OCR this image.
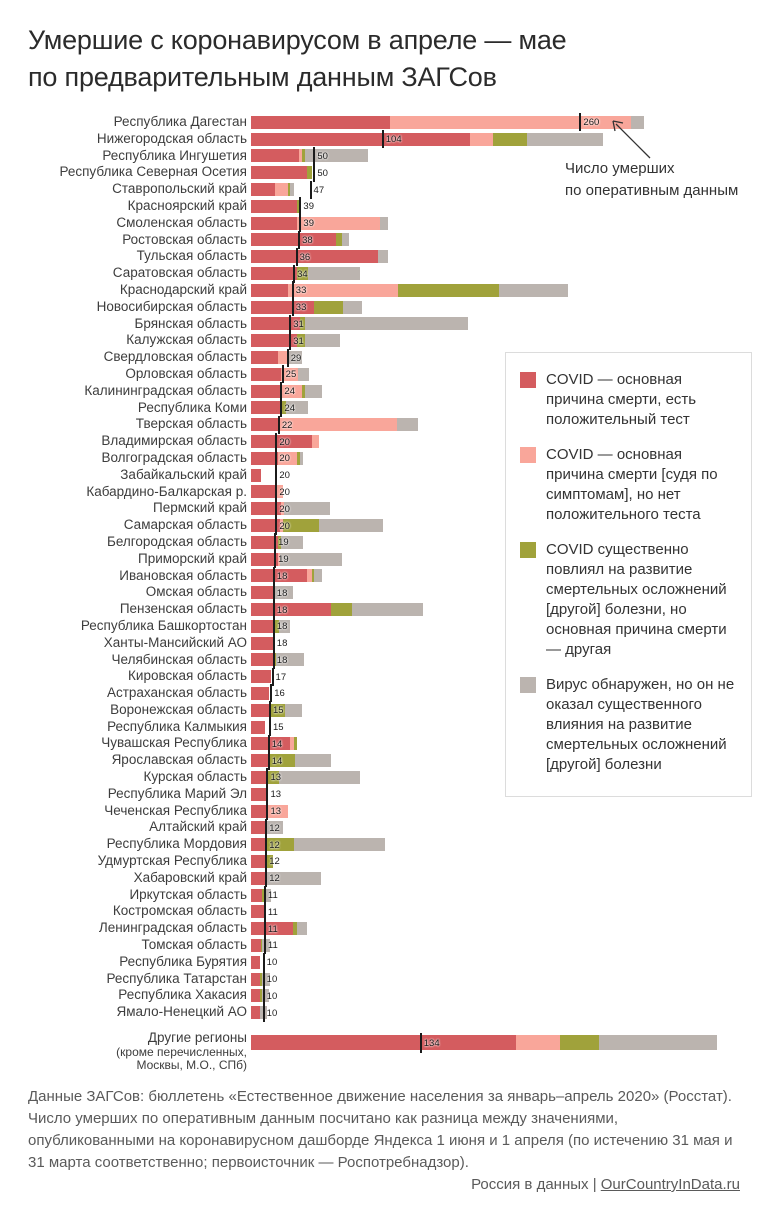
Умершие с коронавирусом в апреле — мае
по предварительным данным ЗАГСов
Республика Дагестан	260
Нижегородская область	104
Республика Ингушетия	50
Республика Северная Осетия	50
Ставропольский край	47
Красноярский край	39
Смоленская область	39
Ростовская область	38
Тульская область	36
Саратовская область	34
Краснодарский край	33
Новосибирская область	33
Брянская область	31
Калужская область	31
Свердловская область	29
Орловская область	25
Калининградская область	24
Республика Коми	24
Тверская область	22
Владимирская область	20
Волгоградская область	20
Забайкальский край	20
Кабардино-Балкарская р.	20
Пермский край	20
Самарская область	20
Белгородская область	19
Приморский край	19
Ивановская область	18
Омская область	18
Пензенская область	18
Республика Башкортостан	18
Ханты-Мансийский АО	18
Челябинская область	18
Кировская область	17
Астраханская область	16
Воронежская область	15
Республика Калмыкия	15
Чувашская Республика	14
Ярославская область	14
Курская область 13
Республика Марий Эл 13
Чеченская Республика 13
Алтайский край 12
Республика Мордовия 12
Удмуртская Республика 12
Хабаровский край 12
Иркутская область 11
Костромская область 11
Ленинградская область 11
Томская область 11
Республика Бурятия 10
Республика Татарстан 10
Республика Хакасия 10
Ямало-Ненецкий АО 10
Другие регионы
(кроме перечисленных,
Москвы, М.О., СПб)
134
Число умерших
по оперативным данным
COVID — основная причина смерти, есть положительный тест
COVID — основная причина смерти [судя по симптомам], но нет положительного теста
COVID существенно повлиял на развитие смертельных осложнений [другой] болезни, но основная причина смерти — другая
Вирус обнаружен, но он не оказал существенного влияния на развитие смертельных осложнений [другой] болезни

Данные ЗАГСов: бюллетень «Естественное движение населения за январь–апрель 2020» (Росстат). Число умерших по оперативным данным посчитано как разница между значениями, опубликованными на коронавирусном дашборде Яндекса 1 июня и 1 апреля (по истечению 31 мая и 31 марта соответственно; первоисточник — Роспотребнадзор).

Россия в данных | OurCountryInData.ru
